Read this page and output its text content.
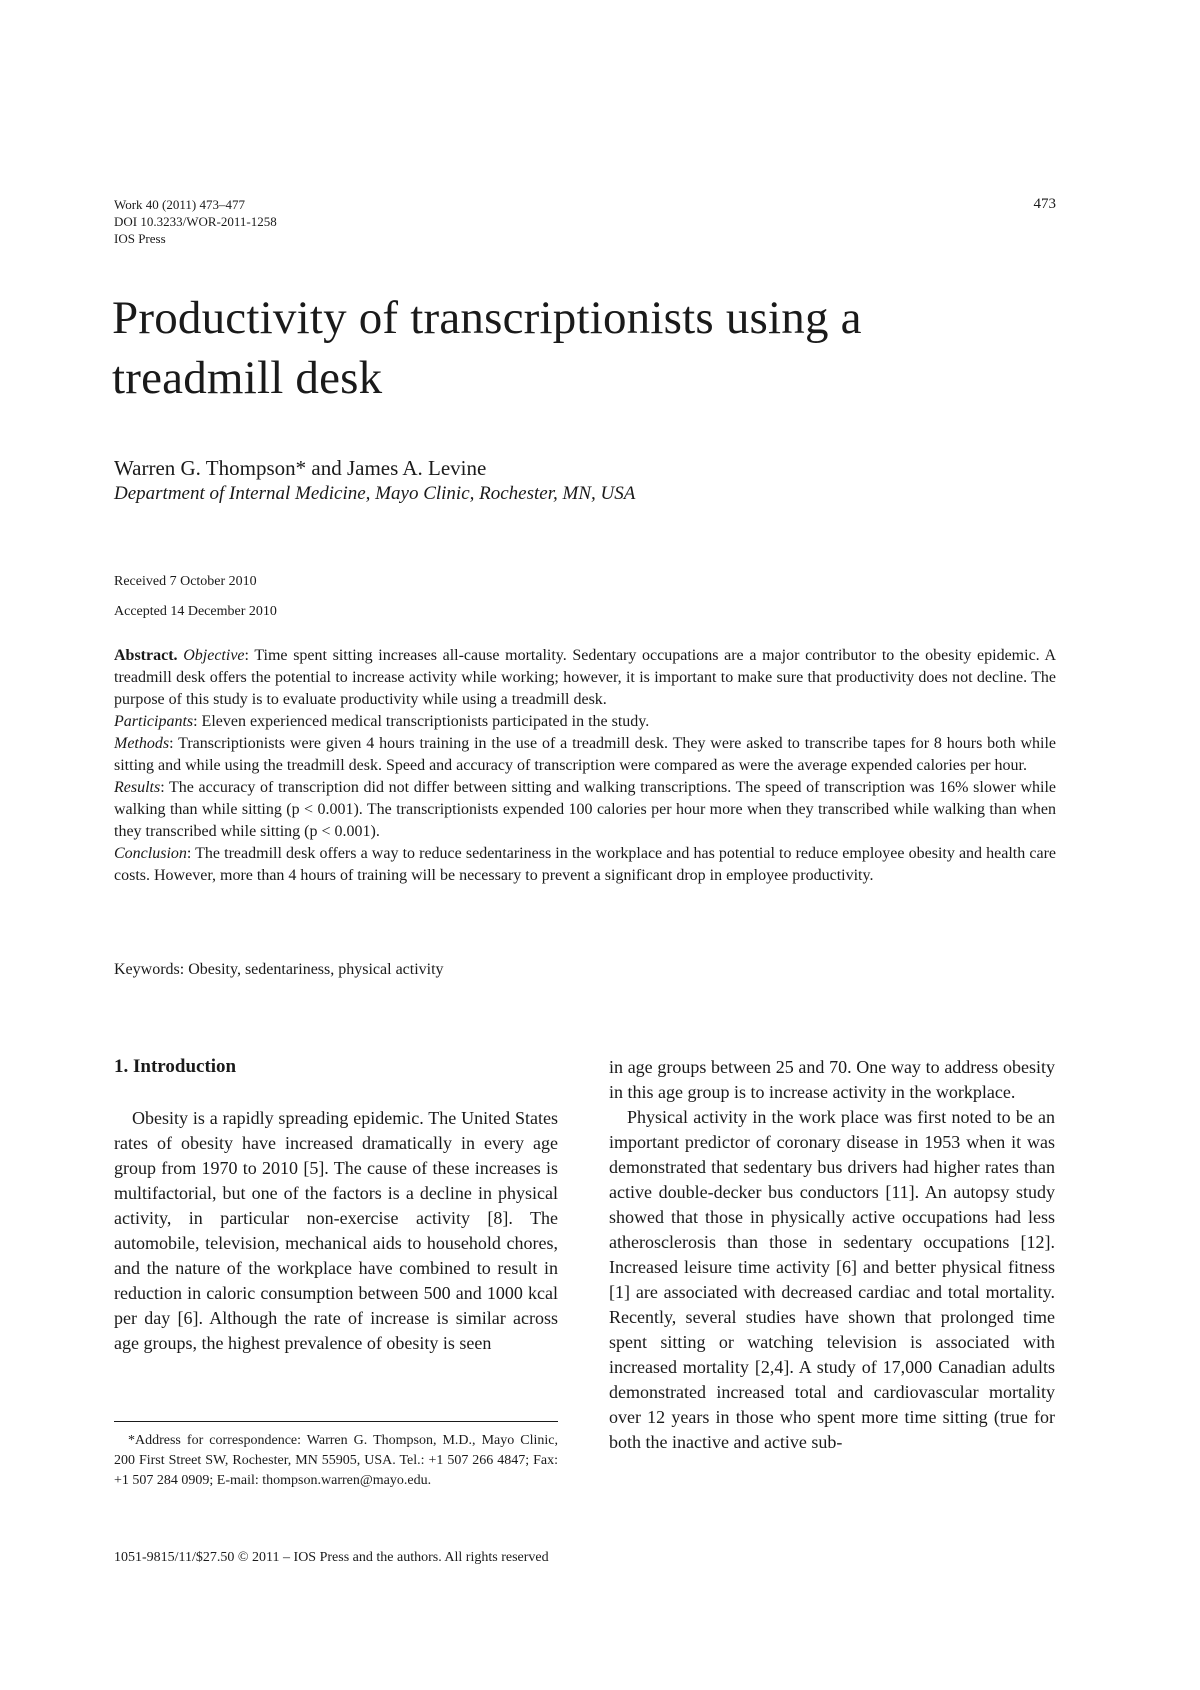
Work 40 (2011) 473–477
DOI 10.3233/WOR-2011-1258
IOS Press
473
Productivity of transcriptionists using a treadmill desk
Warren G. Thompson* and James A. Levine
Department of Internal Medicine, Mayo Clinic, Rochester, MN, USA
Received 7 October 2010
Accepted 14 December 2010

Abstract. Objective: Time spent sitting increases all-cause mortality. Sedentary occupations are a major contributor to the obesity epidemic. A treadmill desk offers the potential to increase activity while working; however, it is important to make sure that productivity does not decline. The purpose of this study is to evaluate productivity while using a treadmill desk.

Participants: Eleven experienced medical transcriptionists participated in the study.

Methods: Transcriptionists were given 4 hours training in the use of a treadmill desk. They were asked to transcribe tapes for 8 hours both while sitting and while using the treadmill desk. Speed and accuracy of transcription were compared as were the average expended calories per hour.

Results: The accuracy of transcription did not differ between sitting and walking transcriptions. The speed of transcription was 16% slower while walking than while sitting (p < 0.001). The transcriptionists expended 100 calories per hour more when they transcribed while walking than when they transcribed while sitting (p < 0.001).

Conclusion: The treadmill desk offers a way to reduce sedentariness in the workplace and has potential to reduce employee obesity and health care costs. However, more than 4 hours of training will be necessary to prevent a significant drop in employee productivity.

Keywords: Obesity, sedentariness, physical activity
1. Introduction

Obesity is a rapidly spreading epidemic. The United States rates of obesity have increased dramatically in every age group from 1970 to 2010 [5]. The cause of these increases is multifactorial, but one of the factors is a decline in physical activity, in particular non-exercise activity [8]. The automobile, television, mechanical aids to household chores, and the nature of the workplace have combined to result in reduction in caloric consumption between 500 and 1000 kcal per day [6]. Although the rate of increase is similar across age groups, the highest prevalence of obesity is seen

in age groups between 25 and 70. One way to address obesity in this age group is to increase activity in the workplace.

Physical activity in the work place was first noted to be an important predictor of coronary disease in 1953 when it was demonstrated that sedentary bus drivers had higher rates than active double-decker bus conductors [11]. An autopsy study showed that those in physically active occupations had less atherosclerosis than those in sedentary occupations [12]. Increased leisure time activity [6] and better physical fitness [1] are associated with decreased cardiac and total mortality. Recently, several studies have shown that prolonged time spent sitting or watching television is associated with increased mortality [2,4]. A study of 17,000 Canadian adults demonstrated increased total and cardiovascular mortality over 12 years in those who spent more time sitting (true for both the inactive and active sub-

*Address for correspondence: Warren G. Thompson, M.D., Mayo Clinic, 200 First Street SW, Rochester, MN 55905, USA. Tel.: +1 507 266 4847; Fax: +1 507 284 0909; E-mail: thompson.warren@mayo.edu.
1051-9815/11/$27.50 © 2011 – IOS Press and the authors. All rights reserved
